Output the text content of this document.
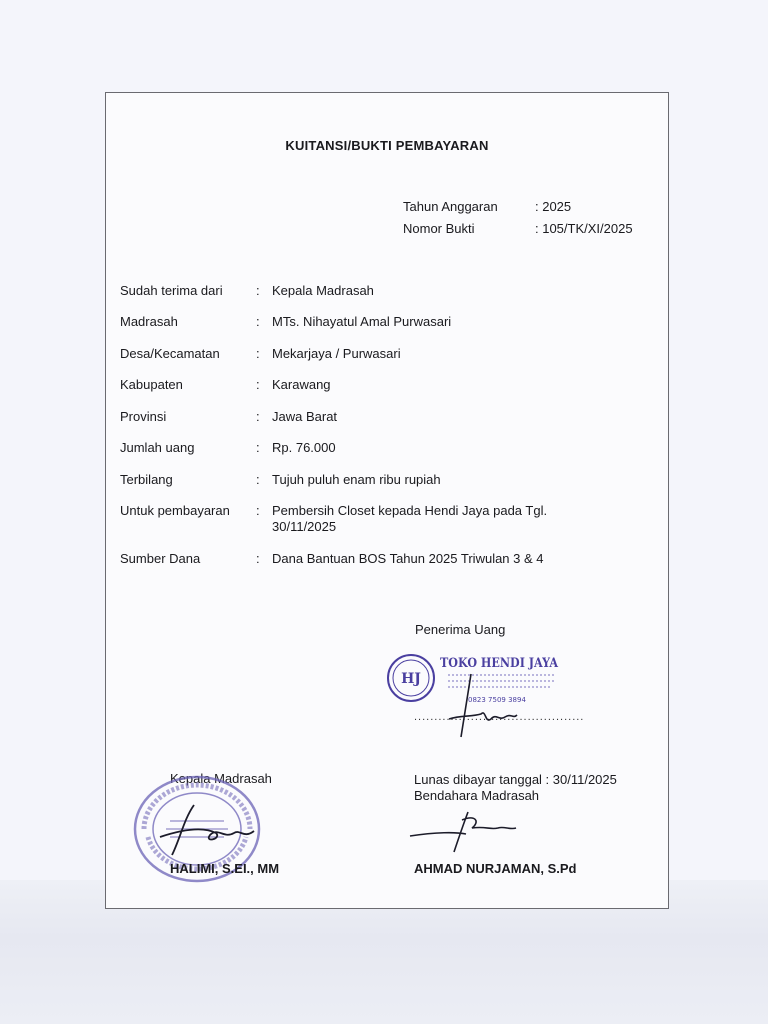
KUITANSI/BUKTI PEMBAYARAN
Tahun Anggaran	: 2025
Nomor Bukti	: 105/TK/XI/2025
Sudah terima dari	: Kepala Madrasah
Madrasah	: MTs. Nihayatul Amal Purwasari
Desa/Kecamatan	: Mekarjaya / Purwasari
Kabupaten	: Karawang
Provinsi	: Jawa Barat
Jumlah uang	: Rp. 76.000
Terbilang	: Tujuh puluh enam ribu rupiah
Untuk pembayaran : Pembersih Closet kepada Hendi Jaya pada Tgl. 30/11/2025
Sumber Dana	: Dana Bantuan BOS Tahun 2025 Triwulan 3 & 4
Penerima Uang
HJ
TOKO HENDI JAYA
0823 7509 3894
..........................................
Kepala Madrasah
HALIMI, S.EI., MM
Lunas dibayar tanggal : 30/11/2025
Bendahara Madrasah
AHMAD NURJAMAN, S.Pd
